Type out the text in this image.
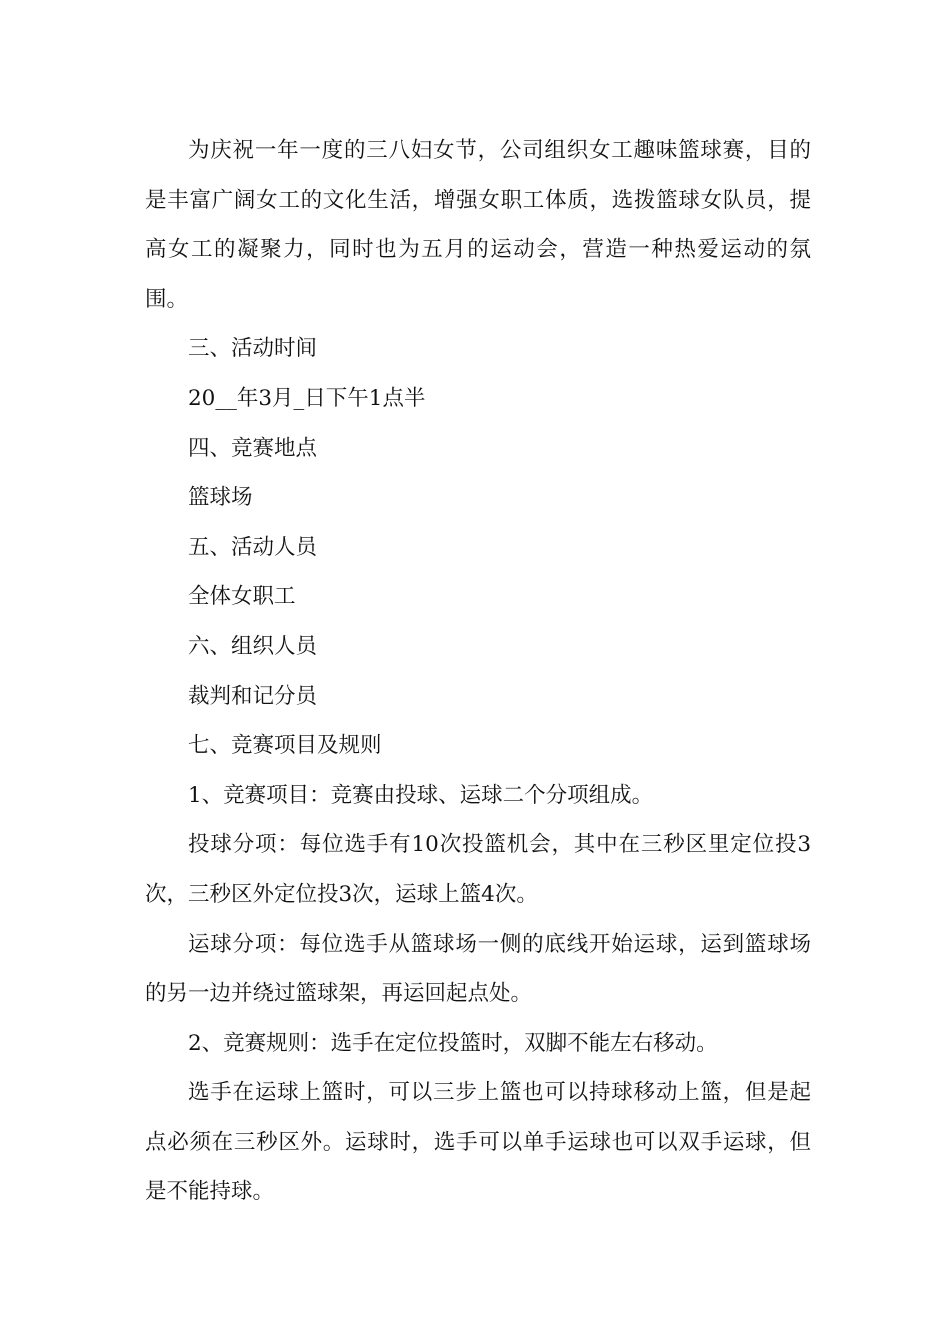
为庆祝一年一度的三八妇女节，公司组织女工趣味篮球赛，目的是丰富广阔女工的文化生活，增强女职工体质，选拨篮球女队员，提高女工的凝聚力，同时也为五月的运动会，营造一种热爱运动的氛围。

三、活动时间

20__年3月_日下午1点半

四、竞赛地点

篮球场

五、活动人员

全体女职工

六、组织人员

裁判和记分员

七、竞赛项目及规则

1、竞赛项目：竞赛由投球、运球二个分项组成。

投球分项：每位选手有10次投篮机会，其中在三秒区里定位投3次，三秒区外定位投3次，运球上篮4次。

运球分项：每位选手从篮球场一侧的底线开始运球，运到篮球场的另一边并绕过篮球架，再运回起点处。

2、竞赛规则：选手在定位投篮时，双脚不能左右移动。

选手在运球上篮时，可以三步上篮也可以持球移动上篮，但是起点必须在三秒区外。运球时，选手可以单手运球也可以双手运球，但是不能持球。
